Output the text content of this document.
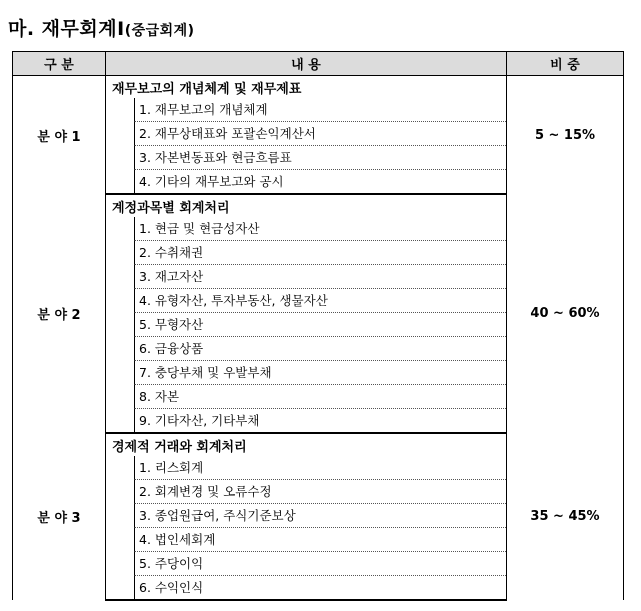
마. 재무회계Ⅰ(중급회계)
구 분	내 용	비 중
분 야 1	재무보고의 개념체계 및 재무제표	5 ~ 15%

	1. 재무보고의 개념체계	

	2. 재무상태표와 포괄손익계산서	

	3. 자본변동표와 현금흐름표	

	4. 기타의 재무보고와 공시	

분 야 2	계정과목별 회계처리	40 ~ 60%

	1. 현금 및 현금성자산	

	2. 수취채권	

	3. 재고자산	

	4. 유형자산, 투자부동산, 생물자산	

	5. 무형자산	

	6. 금융상품	

	7. 충당부채 및 우발부채	

	8. 자본	

	9. 기타자산, 기타부채	

분 야 3	경제적 거래와 회계처리	35 ~ 45%

	1. 리스회계	

	2. 회계변경 및 오류수정	

	3. 종업원급여, 주식기준보상	

	4. 법인세회계	

	5. 주당이익	

	6. 수익인식	
